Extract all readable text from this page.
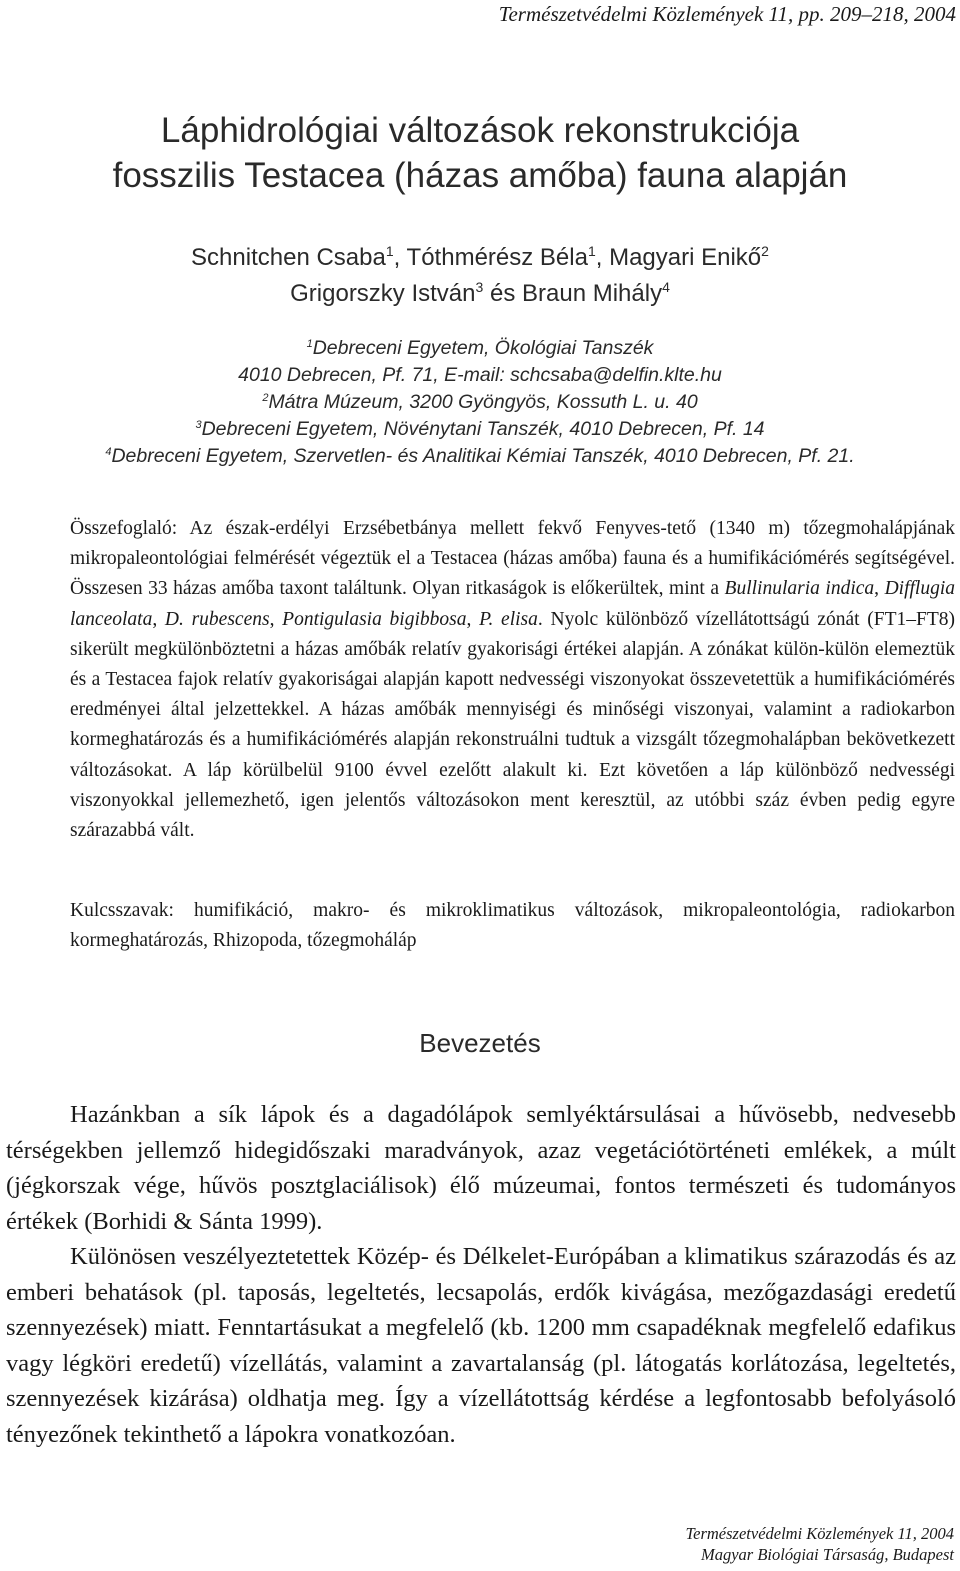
Természetvédelmi Közlemények 11, pp. 209–218, 2004
Láphidrológiai változások rekonstrukciója
fosszilis Testacea (házas amőba) fauna alapján
Schnitchen Csaba$^1$, Tóthmérész Béla$^1$, Magyari Enikő$^2$
Grigorszky István$^3$ és Braun Mihály$^4$
$^1$Debreceni Egyetem, Ökológiai Tanszék
4010 Debrecen, Pf. 71, E-mail: schcsaba@delfin.klte.hu
$^2$Mátra Múzeum, 3200 Gyöngyös, Kossuth L. u. 40
$^3$Debreceni Egyetem, Növénytani Tanszék, 4010 Debrecen, Pf. 14
$^4$Debreceni Egyetem, Szervetlen- és Analitikai Kémiai Tanszék, 4010 Debrecen, Pf. 21.
Összefoglaló: Az észak-erdélyi Erzsébetbánya mellett fekvő Fenyves-tető (1340 m) tőzegmohalápjának mikropaleontológiai felmérését végeztük el a Testacea (házas amőba) fauna és a humifikációmérés segítségével. Összesen 33 házas amőba taxont találtunk. Olyan ritkaságok is előkerültek, mint a Bullinularia indica, Difflugia lanceolata, D. rubescens, Pontigulasia bigibbosa, P. elisa. Nyolc különböző vízellátottságú zónát (FT1–FT8) sikerült megkülönböztetni a házas amőbák relatív gyakorisági értékei alapján. A zónákat külön-külön elemeztük és a Testacea fajok relatív gyakoriságai alapján kapott nedvességi viszonyokat összevetettük a humifikációmérés eredményei által jelzettekkel. A házas amőbák mennyiségi és minőségi viszonyai, valamint a radiokarbon kormeghatározás és a humifikációmérés alapján rekonstruálni tudtuk a vizsgált tőzegmohalápban bekövetkezett változásokat. A láp körülbelül 9100 évvel ezelőtt alakult ki. Ezt követően a láp különböző nedvességi viszonyokkal jellemezhető, igen jelentős változásokon ment keresztül, az utóbbi száz évben pedig egyre szárazabbá vált.
Kulcsszavak: humifikáció, makro- és mikroklimatikus változások, mikropaleontológia, radiokarbon kormeghatározás, Rhizopoda, tőzegmoháláp
Bevezetés

Hazánkban a sík lápok és a dagadólápok semlyéktársulásai a hűvösebb, nedvesebb térségekben jellemző hidegidőszaki maradványok, azaz vegetációtörténeti emlékek, a múlt (jégkorszak vége, hűvös posztglaciálisok) élő múzeumai, fontos természeti és tudományos értékek (Borhidi & Sánta 1999).

Különösen veszélyeztetettek Közép- és Délkelet-Európában a klimatikus szárazodás és az emberi behatások (pl. taposás, legeltetés, lecsapolás, erdők kivágása, mezőgazdasági eredetű szennyezések) miatt. Fenntartásukat a megfelelő (kb. 1200 mm csapadéknak megfelelő edafikus vagy légköri eredetű) vízellátás, valamint a zavartalanság (pl. látogatás korlátozása, legeltetés, szennyezések kizárása) oldhatja meg. Így a vízellátottság kérdése a legfontosabb befolyásoló tényezőnek tekinthető a lápokra vonatkozóan.

Természetvédelmi Közlemények 11, 2004
Magyar Biológiai Társaság, Budapest
